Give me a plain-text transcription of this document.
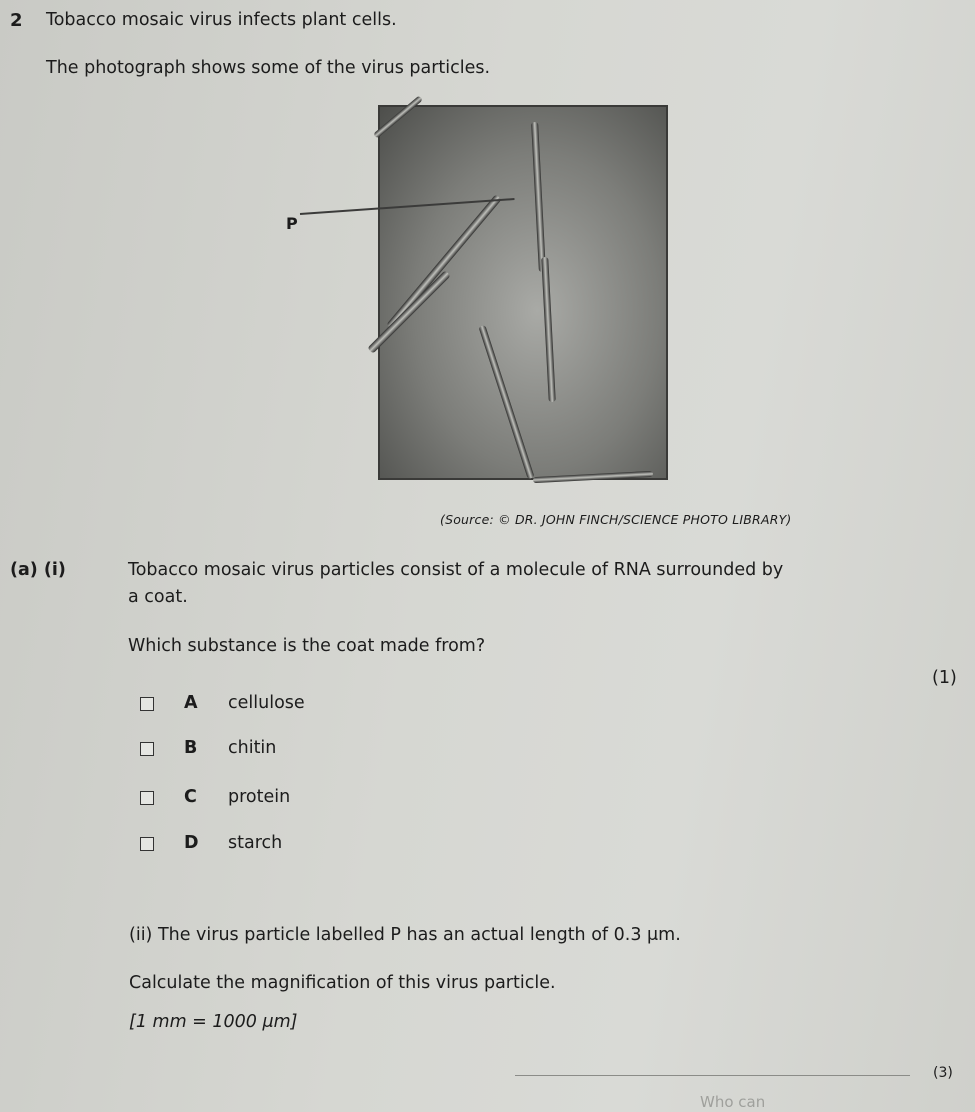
2 Tobacco mosaic virus infects plant cells.
The photograph shows some of the virus particles.
P
(Source: © DR. JOHN FINCH/SCIENCE PHOTO LIBRARY)
(a) (i)	Tobacco mosaic virus particles consist of a molecule of RNA surrounded by
a coat.
Which substance is the coat made from?
(1)
A cellulose
B chitin
C protein
D starch
(ii) The virus particle labelled P has an actual length of 0.3 μm.
Calculate the magnification of this virus particle.
[1 mm = 1000 μm]
(3)
Who can
